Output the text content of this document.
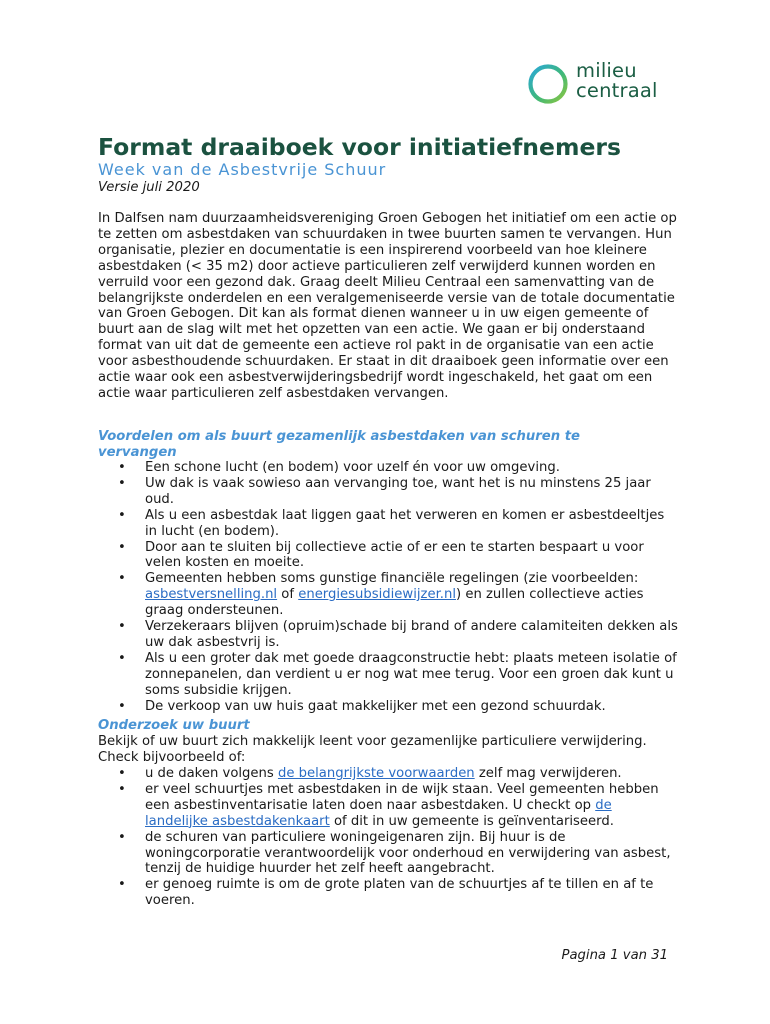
milieu
centraal
Format draaiboek voor initiatiefnemers
Week van de Asbestvrije Schuur
Versie juli 2020
In Dalfsen nam duurzaamheidsvereniging Groen Gebogen het initiatief om een actie op te zetten om asbestdaken van schuurdaken in twee buurten samen te vervangen. Hun organisatie, plezier en documentatie is een inspirerend voorbeeld van hoe kleinere asbestdaken (< 35 m2) door actieve particulieren zelf verwijderd kunnen worden en verruild voor een gezond dak. Graag deelt Milieu Centraal een samenvatting van de belangrijkste onderdelen en een veralgemeniseerde versie van de totale documentatie van Groen Gebogen. Dit kan als format dienen wanneer u in uw eigen gemeente of buurt aan de slag wilt met het opzetten van een actie. We gaan er bij onderstaand format van uit dat de gemeente een actieve rol pakt in de organisatie van een actie voor asbesthoudende schuurdaken. Er staat in dit draaiboek geen informatie over een actie waar ook een asbestverwijderingsbedrijf wordt ingeschakeld, het gaat om een actie waar particulieren zelf asbestdaken vervangen.
Voordelen om als buurt gezamenlijk asbestdaken van schuren te vervangen
• Een schone lucht (en bodem) voor uzelf én voor uw omgeving.
• Uw dak is vaak sowieso aan vervanging toe, want het is nu minstens 25 jaar oud.
• Als u een asbestdak laat liggen gaat het verweren en komen er asbestdeeltjes in lucht (en bodem).
• Door aan te sluiten bij collectieve actie of er een te starten bespaart u voor velen kosten en moeite.
• Gemeenten hebben soms gunstige financiële regelingen (zie voorbeelden: asbestversnelling.nl of energiesubsidiewijzer.nl) en zullen collectieve acties graag ondersteunen.
• Verzekeraars blijven (opruim)schade bij brand of andere calamiteiten dekken als uw dak asbestvrij is.
• Als u een groter dak met goede draagconstructie hebt: plaats meteen isolatie of zonnepanelen, dan verdient u er nog wat mee terug. Voor een groen dak kunt u soms subsidie krijgen.
• De verkoop van uw huis gaat makkelijker met een gezond schuurdak.
Onderzoek uw buurt
Bekijk of uw buurt zich makkelijk leent voor gezamenlijke particuliere verwijdering. Check bijvoorbeeld of:
• u de daken volgens de belangrijkste voorwaarden zelf mag verwijderen.
• er veel schuurtjes met asbestdaken in de wijk staan. Veel gemeenten hebben een asbestinventarisatie laten doen naar asbestdaken. U checkt op de landelijke asbestdakenkaart of dit in uw gemeente is geïnventariseerd.
• de schuren van particuliere woningeigenaren zijn. Bij huur is de woningcorporatie verantwoordelijk voor onderhoud en verwijdering van asbest, tenzij de huidige huurder het zelf heeft aangebracht.
• er genoeg ruimte is om de grote platen van de schuurtjes af te tillen en af te voeren.
Pagina 1 van 31
